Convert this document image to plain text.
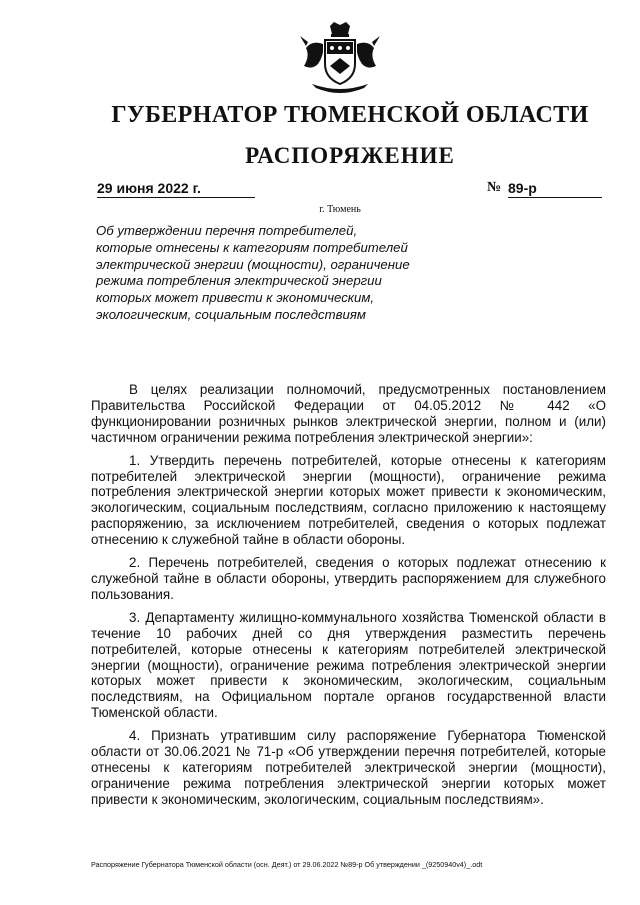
ГУБЕРНАТОР ТЮМЕНСКОЙ ОБЛАСТИ
РАСПОРЯЖЕНИЕ
29 июня 2022 г.
г. Тюмень
№ 89-р

Об утверждении перечня потребителей, которые отнесены к категориям потребителей электрической энергии (мощности), ограничение режима потребления электрической энергии которых может привести к экономическим, экологическим, социальным последствиям

В целях реализации полномочий, предусмотренных постановлением Правительства Российской Федерации от 04.05.2012 № 442 «О функционировании розничных рынков электрической энергии, полном и (или) частичном ограничении режима потребления электрической энергии»:

1. Утвердить перечень потребителей, которые отнесены к категориям потребителей электрической энергии (мощности), ограничение режима потребления электрической энергии которых может привести к экономическим, экологическим, социальным последствиям, согласно приложению к настоящему распоряжению, за исключением потребителей, сведения о которых подлежат отнесению к служебной тайне в области обороны.

2. Перечень потребителей, сведения о которых подлежат отнесению к служебной тайне в области обороны, утвердить распоряжением для служебного пользования.

3. Департаменту жилищно-коммунального хозяйства Тюменской области в течение 10 рабочих дней со дня утверждения разместить перечень потребителей, которые отнесены к категориям потребителей электрической энергии (мощности), ограничение режима потребления электрической энергии которых может привести к экономическим, экологическим, социальным последствиям, на Официальном портале органов государственной власти Тюменской области.

4. Признать утратившим силу распоряжение Губернатора Тюменской области от 30.06.2021 № 71-р «Об утверждении перечня потребителей, которые отнесены к категориям потребителей электрической энергии (мощности), ограничение режима потребления электрической энергии которых может привести к экономическим, экологическим, социальным последствиям».

Распоряжение Губернатора Тюменской области (осн. Деят.) от 29.06.2022 №89-р Об утверждении _(9250940v4)_.odt
